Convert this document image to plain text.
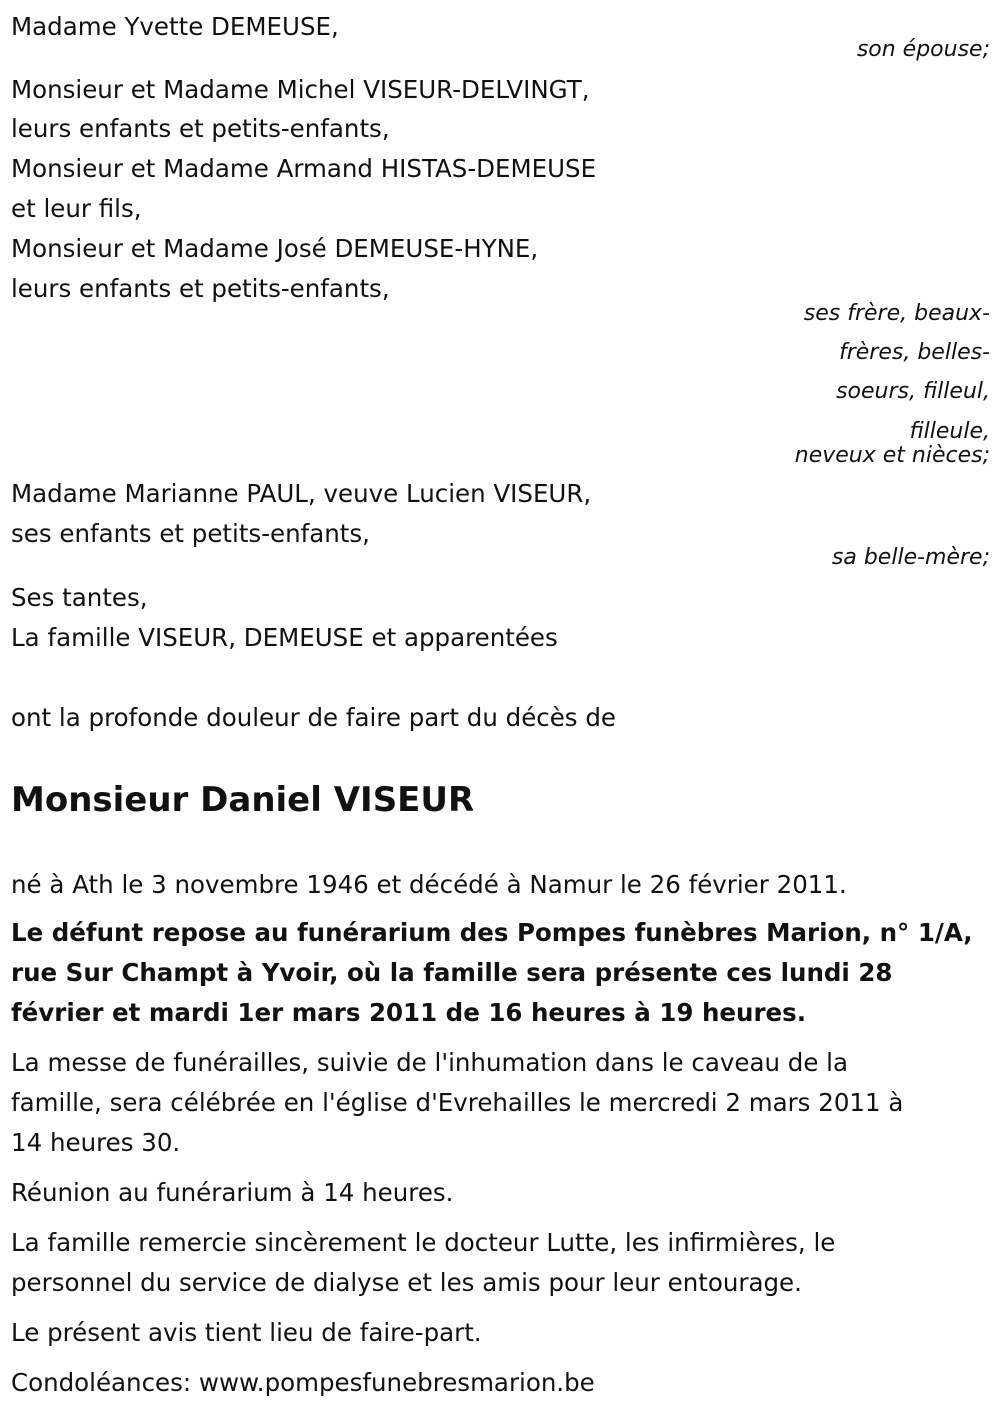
Madame Yvette DEMEUSE,
son épouse;
Monsieur et Madame Michel VISEUR-DELVINGT,
leurs enfants et petits-enfants,
Monsieur et Madame Armand HISTAS-DEMEUSE
et leur fils,
Monsieur et Madame José DEMEUSE-HYNE,
leurs enfants et petits-enfants,
ses frère, beaux-
frères, belles-
soeurs, filleul,
filleule,
neveux et nièces;
Madame Marianne PAUL, veuve Lucien VISEUR,
ses enfants et petits-enfants,
sa belle-mère;
Ses tantes,
La famille VISEUR, DEMEUSE et apparentées
ont la profonde douleur de faire part du décès de
Monsieur Daniel VISEUR
né à Ath le 3 novembre 1946 et décédé à Namur le 26 février 2011.
Le défunt repose au funérarium des Pompes funèbres Marion, n° 1/A,
rue Sur Champt à Yvoir, où la famille sera présente ces lundi 28
février et mardi 1er mars 2011 de 16 heures à 19 heures.
La messe de funérailles, suivie de l'inhumation dans le caveau de la
famille, sera célébrée en l'église d'Evrehailles le mercredi 2 mars 2011 à
14 heures 30.
Réunion au funérarium à 14 heures.
La famille remercie sincèrement le docteur Lutte, les infirmières, le
personnel du service de dialyse et les amis pour leur entourage.
Le présent avis tient lieu de faire-part.
Condoléances: www.pompesfunebresmarion.be
